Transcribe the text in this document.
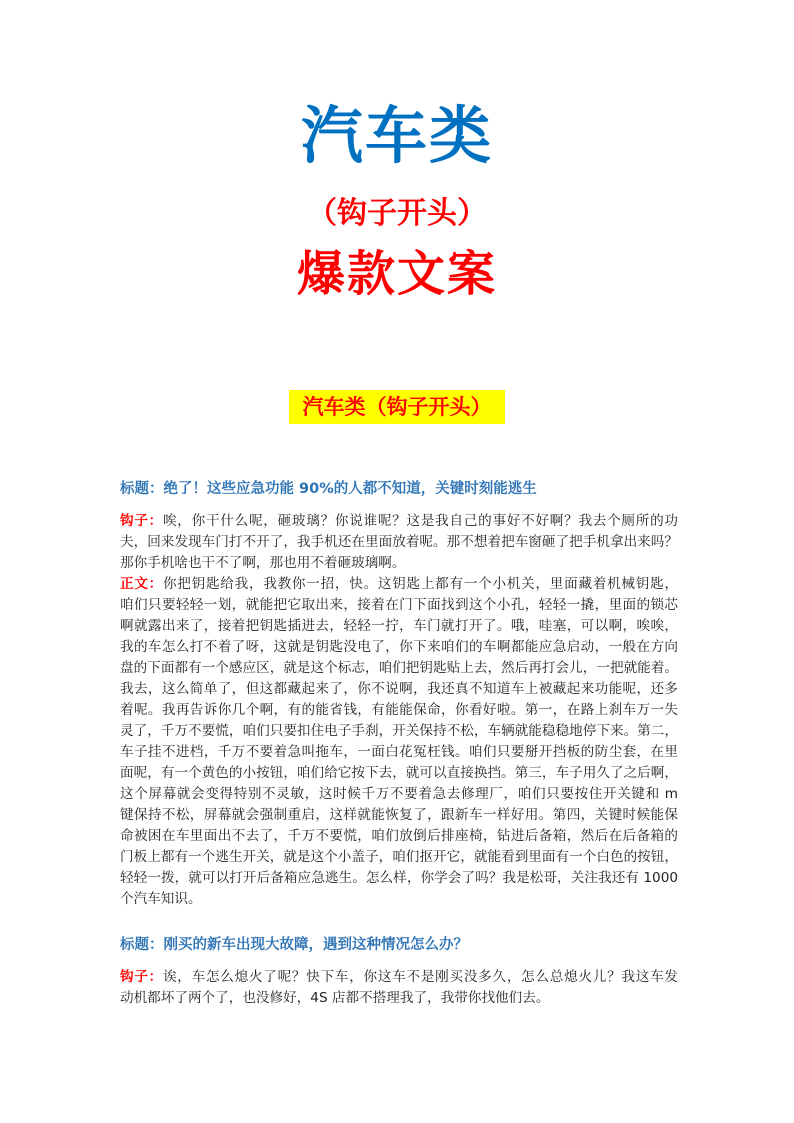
汽车类
（钩子开头）
爆款文案
汽车类（钩子开头）
标题：绝了！这些应急功能 90%的人都不知道，关键时刻能逃生
钩子：唉，你干什么呢，砸玻璃？你说谁呢？这是我自己的事好不好啊？我去个厕所的功
夫，回来发现车门打不开了，我手机还在里面放着呢。那不想着把车窗砸了把手机拿出来吗？
那你手机啥也干不了啊，那也用不着砸玻璃啊。
正文：你把钥匙给我，我教你一招，快。这钥匙上都有一个小机关，里面藏着机械钥匙，
咱们只要轻轻一划，就能把它取出来，接着在门下面找到这个小孔，轻轻一撬，里面的锁芯
啊就露出来了，接着把钥匙插进去，轻轻一拧，车门就打开了。哦，哇塞，可以啊，唉唉，
我的车怎么打不着了呀，这就是钥匙没电了，你下来咱们的车啊都能应急启动，一般在方向
盘的下面都有一个感应区，就是这个标志，咱们把钥匙贴上去，然后再打会儿，一把就能着。
我去，这么简单了，但这都藏起来了，你不说啊，我还真不知道车上被藏起来功能呢，还多
着呢。我再告诉你几个啊，有的能省钱，有能能保命，你看好啦。第一，在路上刹车万一失
灵了，千万不要慌，咱们只要扣住电子手刹，开关保持不松，车辆就能稳稳地停下来。第二，
车子挂不进档，千万不要着急叫拖车，一面白花冤枉钱。咱们只要掰开挡板的防尘套，在里
面呢，有一个黄色的小按钮，咱们给它按下去，就可以直接换挡。第三，车子用久了之后啊，
这个屏幕就会变得特别不灵敏，这时候千万不要着急去修理厂，咱们只要按住开关键和 m
键保持不松，屏幕就会强制重启，这样就能恢复了，跟新车一样好用。第四，关键时候能保
命被困在车里面出不去了，千万不要慌，咱们放倒后排座椅，钻进后备箱，然后在后备箱的
门板上都有一个逃生开关，就是这个小盖子，咱们抠开它，就能看到里面有一个白色的按钮，
轻轻一拨，就可以打开后备箱应急逃生。怎么样，你学会了吗？我是松哥，关注我还有 1000
个汽车知识。
标题：刚买的新车出现大故障，遇到这种情况怎么办？
钩子：诶，车怎么熄火了呢？快下车，你这车不是刚买没多久，怎么总熄火儿？我这车发
动机都坏了两个了，也没修好，4S 店都不搭理我了，我带你找他们去。
